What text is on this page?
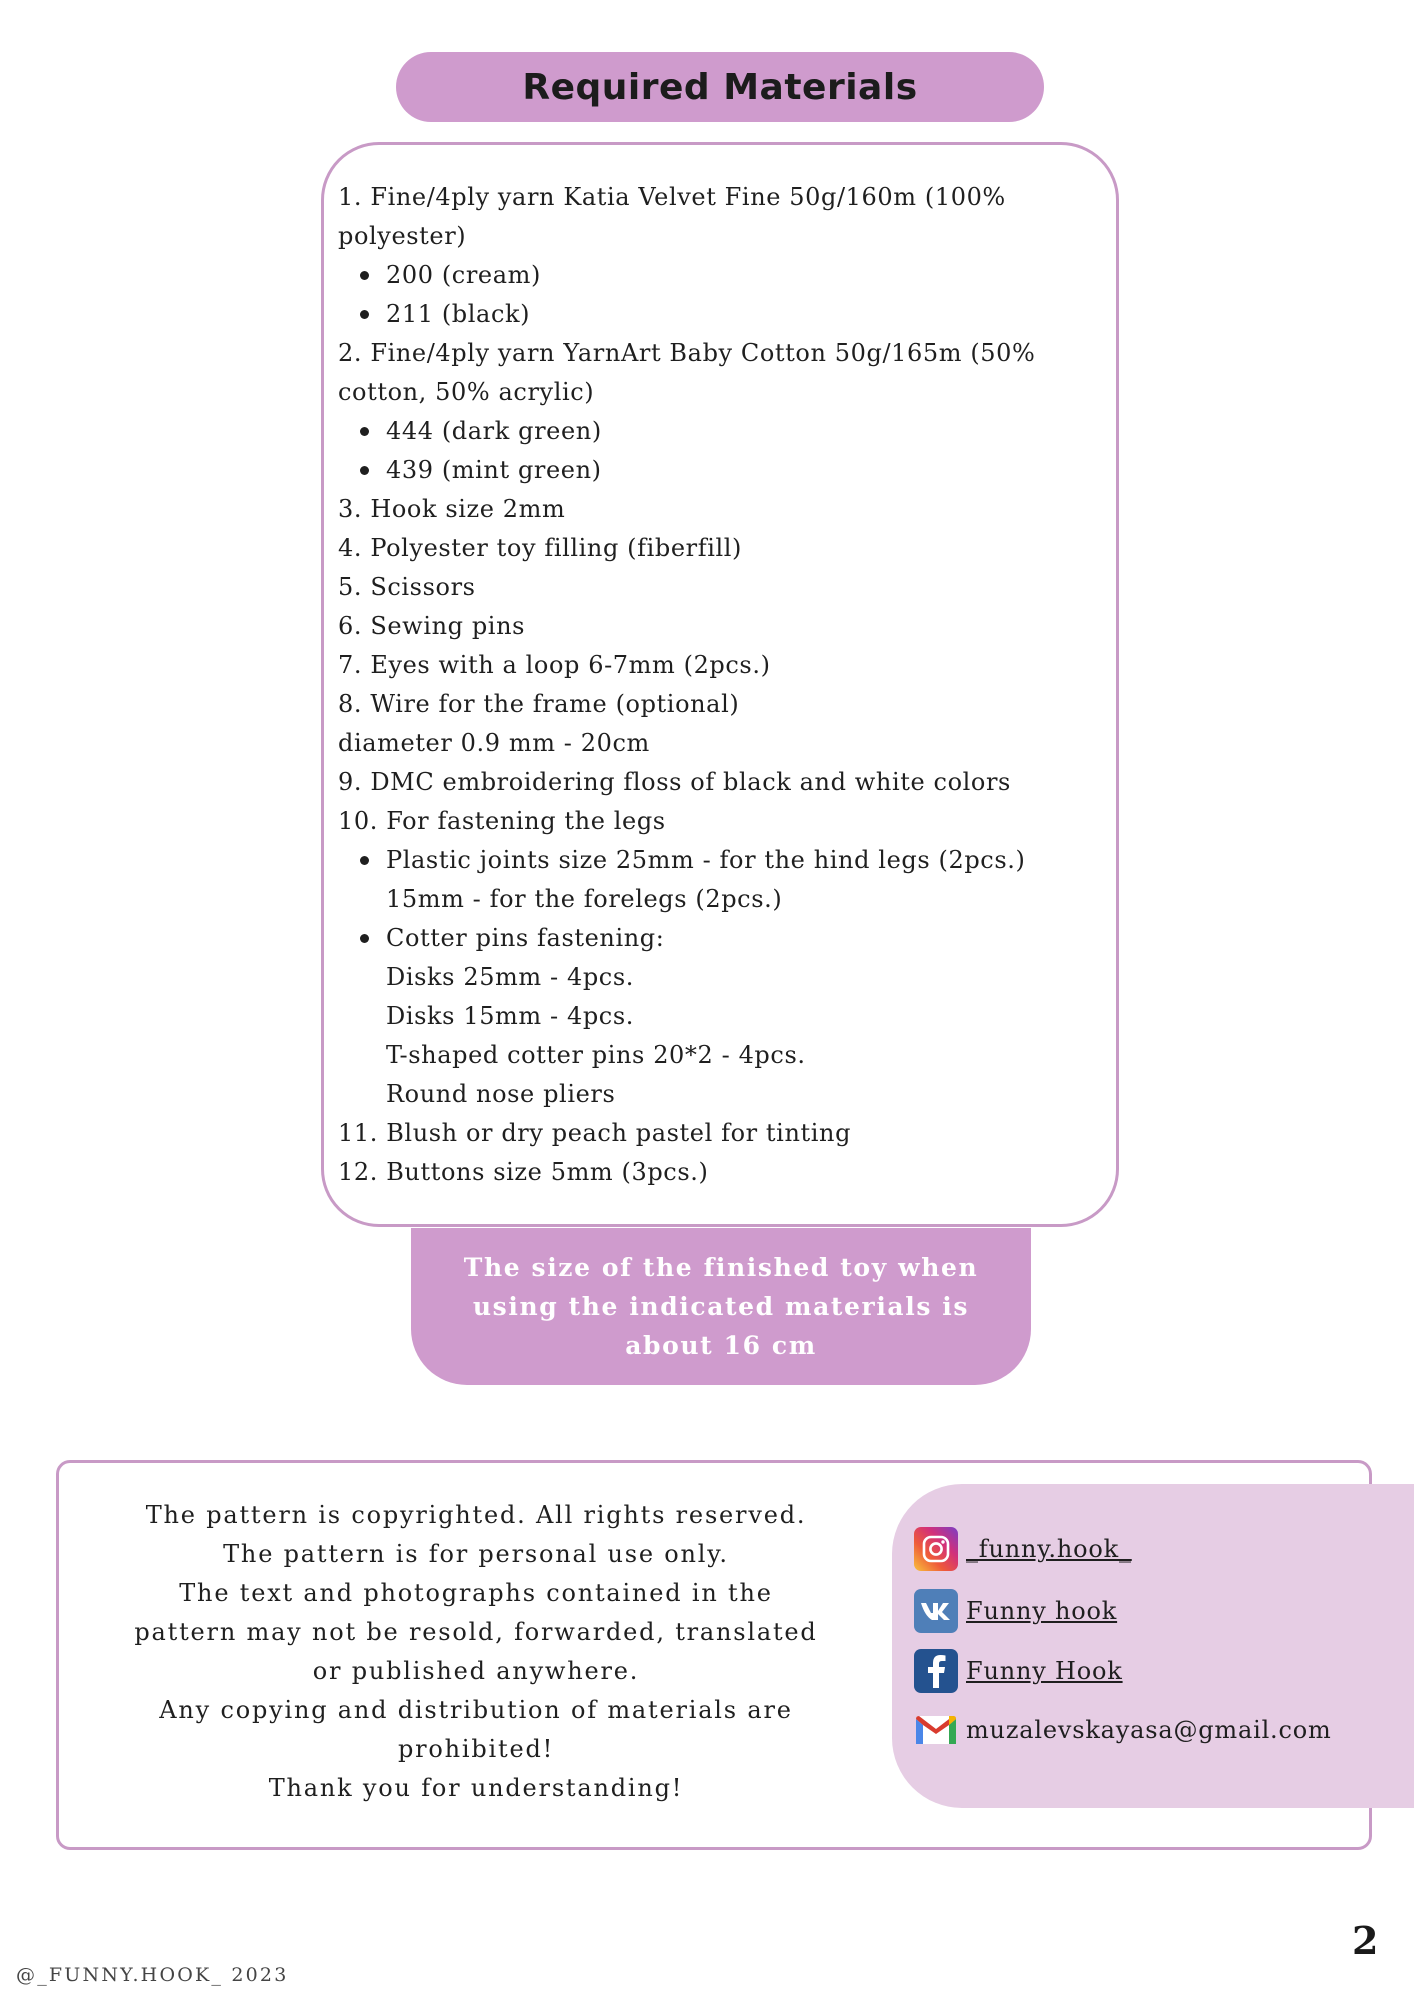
Required Materials

1. Fine/4ply yarn Katia Velvet Fine 50g/160m (100%
polyester)

200 (cream)
211 (black)

2. Fine/4ply yarn YarnArt Baby Cotton 50g/165m (50%
cotton, 50% acrylic)

444 (dark green)
439 (mint green)

3. Hook size 2mm

4. Polyester toy filling (fiberfill)

5. Scissors

6. Sewing pins

7. Eyes with a loop 6-7mm (2pcs.)

8. Wire for the frame (optional)
diameter 0.9 mm - 20cm

9. DMC embroidering floss of black and white colors

10. For fastening the legs

Plastic joints size 25mm - for the hind legs (2pcs.)
15mm - for the forelegs (2pcs.)
Cotter pins fastening:
Disks 25mm - 4pcs.
Disks 15mm - 4pcs.
T-shaped cotter pins 20*2 - 4pcs.
Round nose pliers

11. Blush or dry peach pastel for tinting

12. Buttons size 5mm (3pcs.)

The size of the finished toy when
using the indicated materials is
about 16 cm

The pattern is copyrighted. All rights reserved.

The pattern is for personal use only.

The text and photographs contained in the

pattern may not be resold, forwarded, translated

or published anywhere.

Any copying and distribution of materials are

prohibited!

Thank you for understanding!

_funny.hook_
Funny hook
Funny Hook
muzalevskayasa@gmail.com
@_FUNNY.HOOK_ 2023
2
